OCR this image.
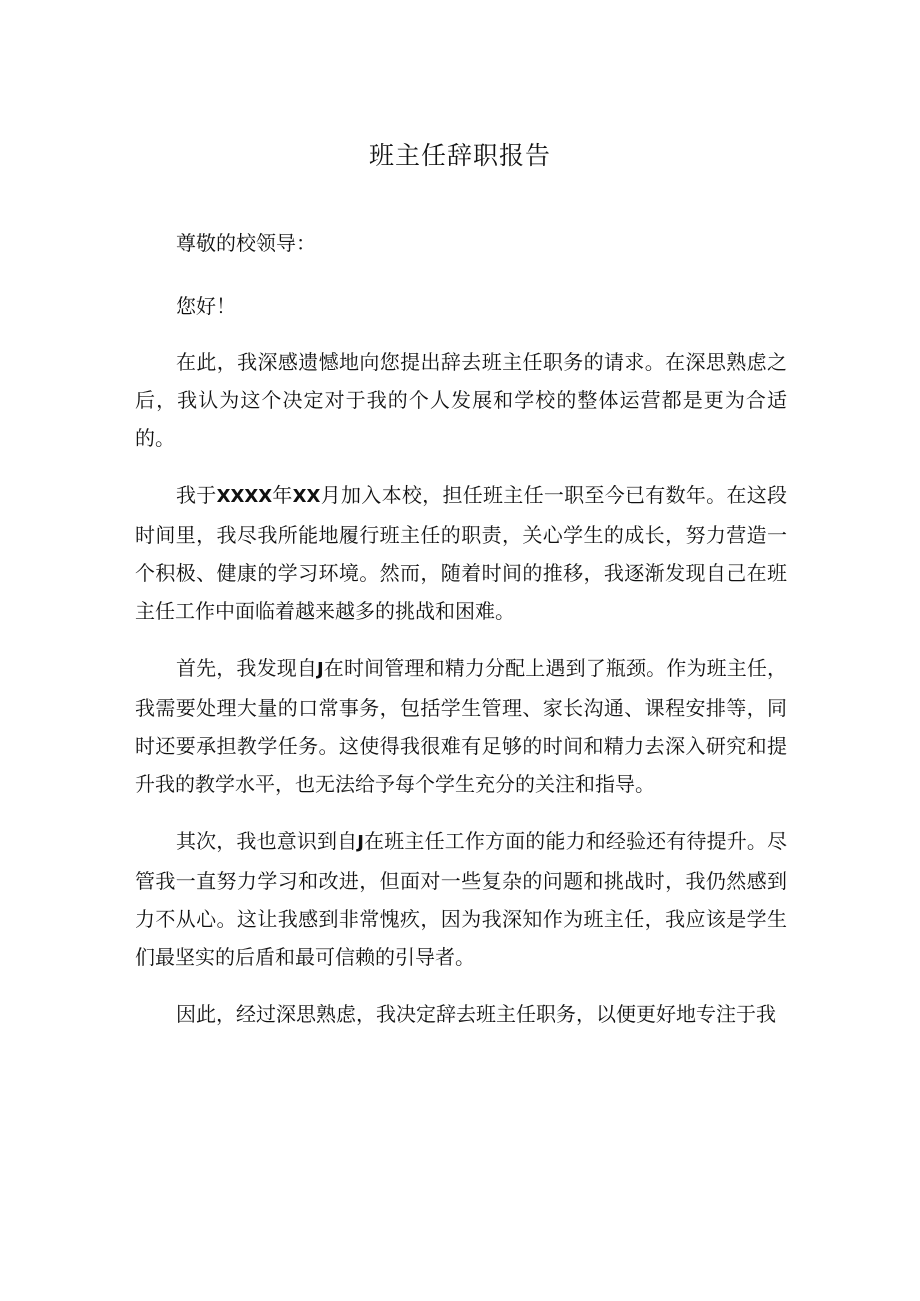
班主任辞职报告

尊敬的校领导：

您好！

在此，我深感遗憾地向您提出辞去班主任职务的请求。在深思熟虑之后，我认为这个决定对于我的个人发展和学校的整体运营都是更为合适的。

我于XXXX年XX月加入本校，担任班主任一职至今已有数年。在这段时间里，我尽我所能地履行班主任的职责，关心学生的成长，努力营造一个积极、健康的学习环境。然而，随着时间的推移，我逐渐发现自己在班主任工作中面临着越来越多的挑战和困难。

首先，我发现自J在时间管理和精力分配上遇到了瓶颈。作为班主任，我需要处理大量的口常事务，包括学生管理、家长沟通、课程安排等，同时还要承担教学任务。这使得我很难有足够的时间和精力去深入研究和提升我的教学水平，也无法给予每个学生充分的关注和指导。

其次，我也意识到自J在班主任工作方面的能力和经验还有待提升。尽管我一直努力学习和改进，但面对一些复杂的问题和挑战时，我仍然感到力不从心。这让我感到非常愧疚，因为我深知作为班主任，我应该是学生们最坚实的后盾和最可信赖的引导者。

因此，经过深思熟虑，我决定辞去班主任职务，以便更好地专注于我
